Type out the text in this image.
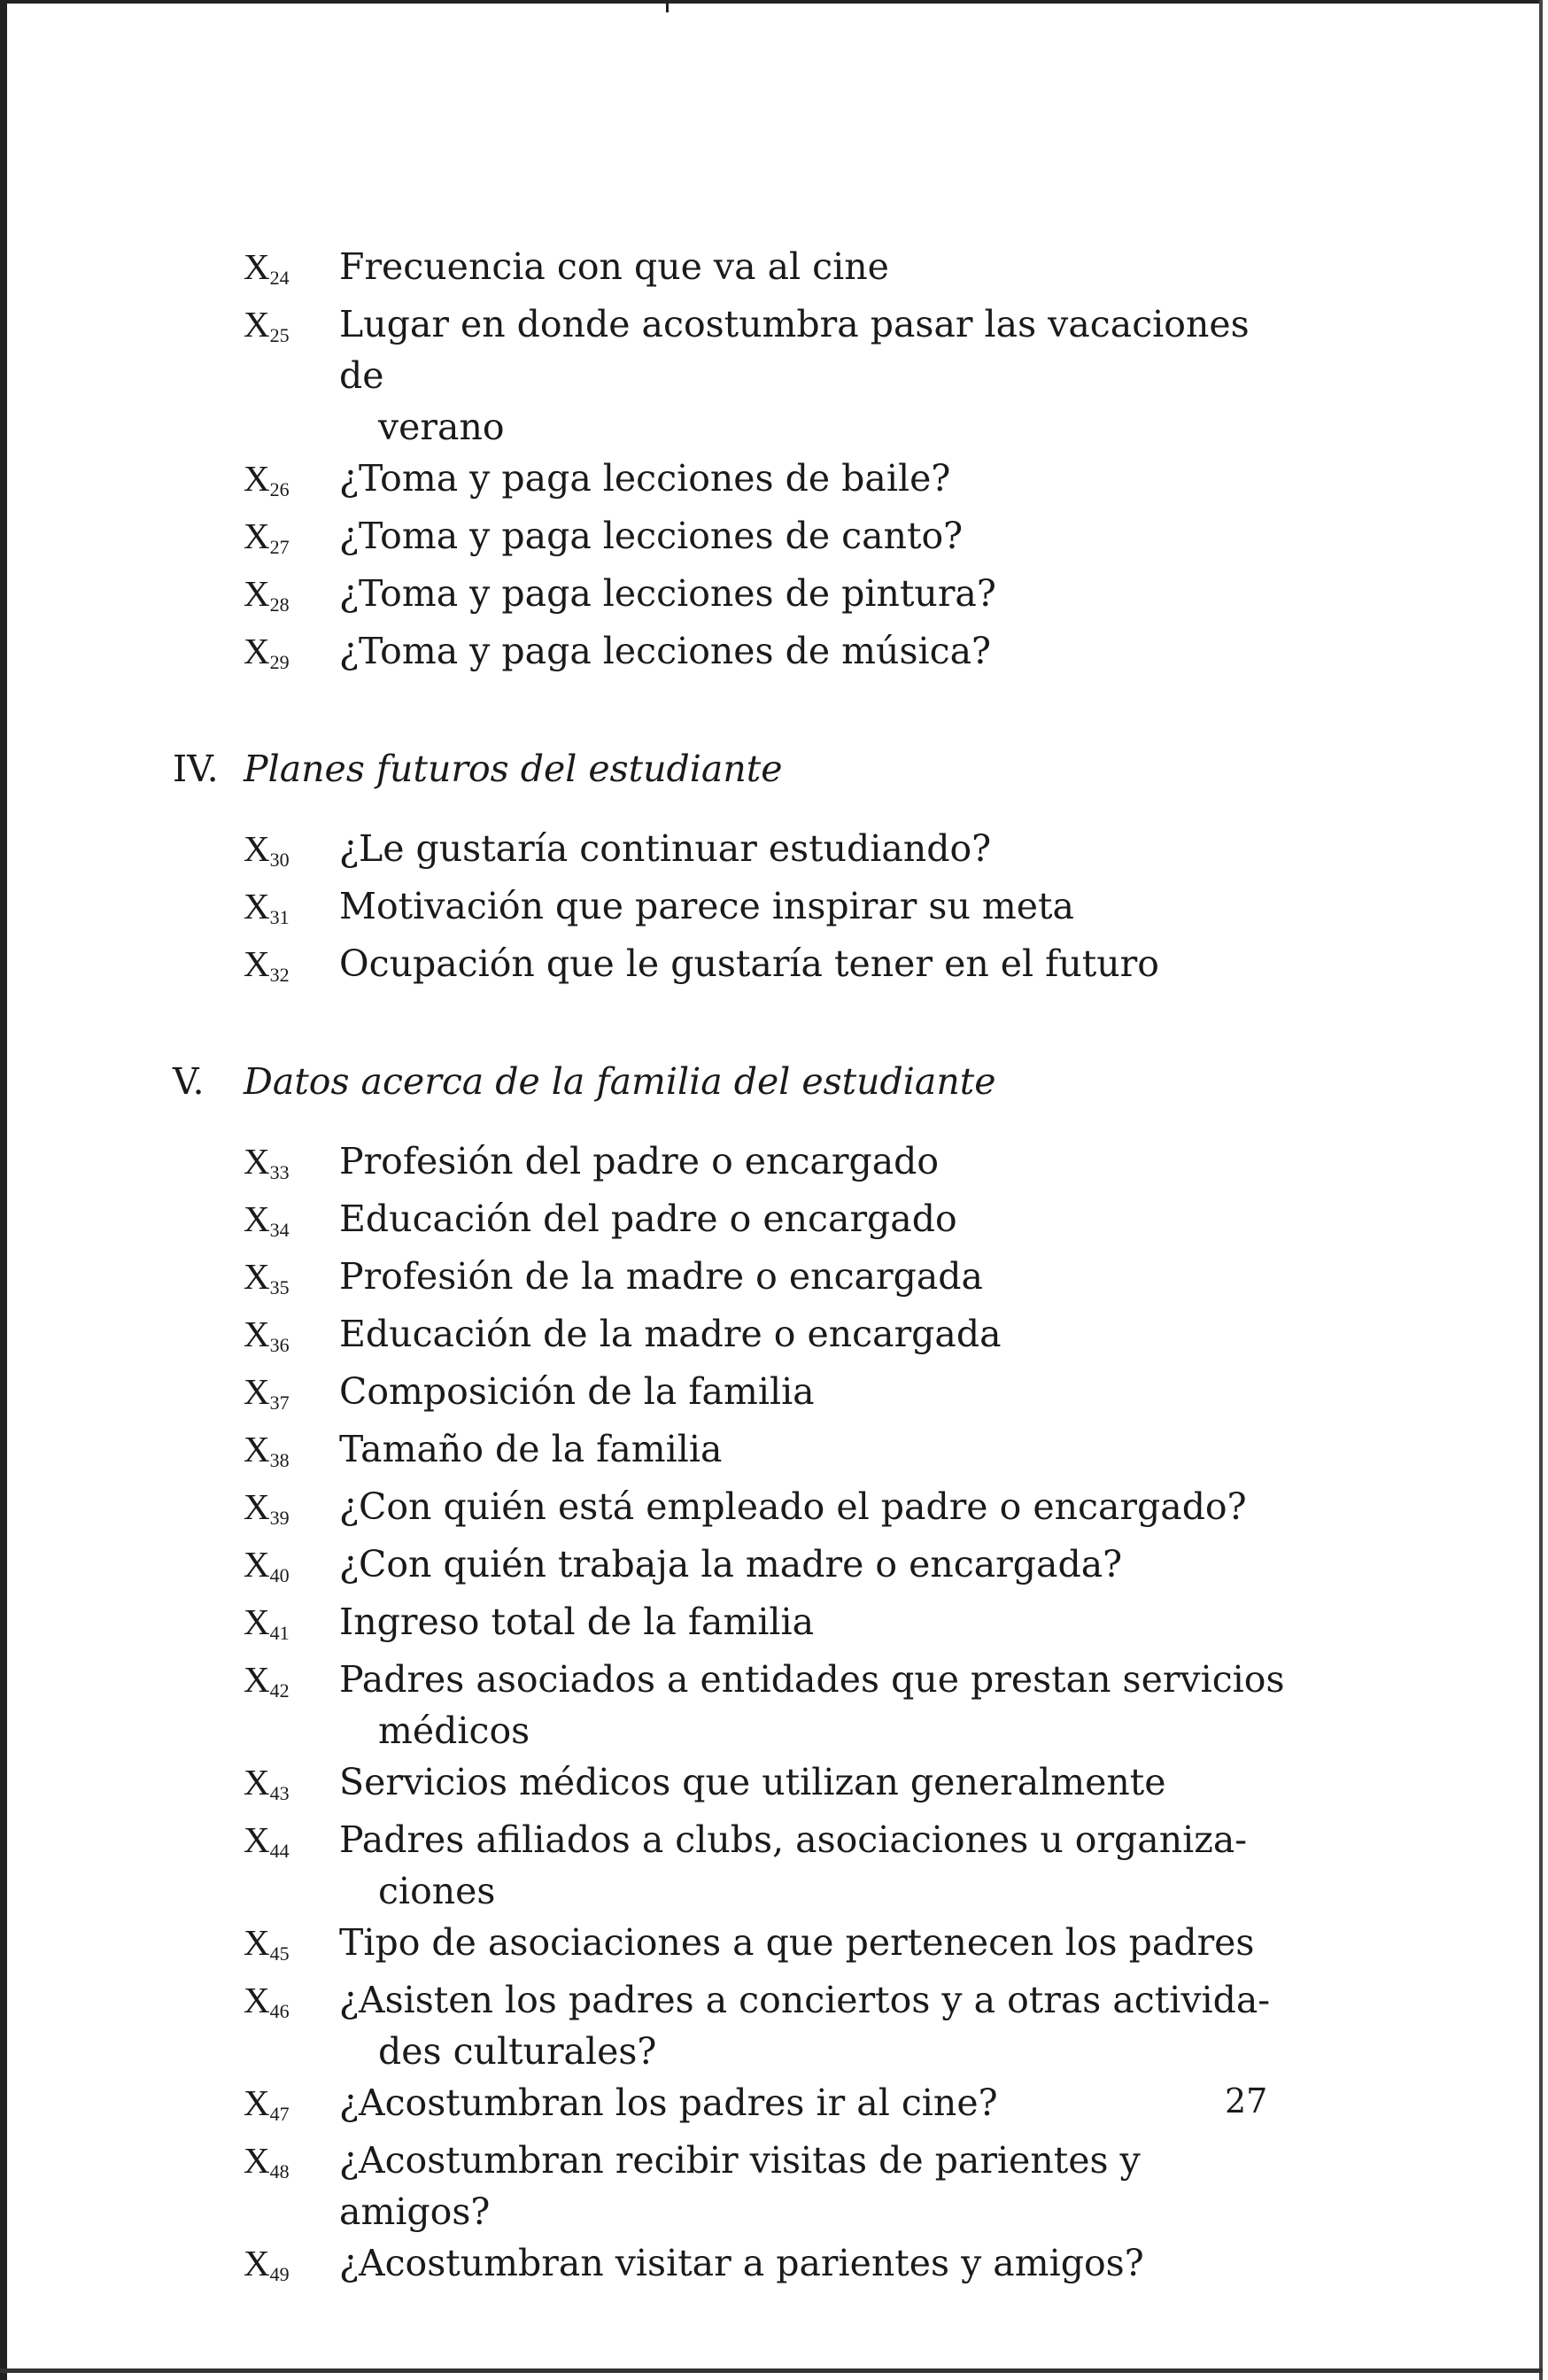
$X_{24}$	Frecuencia con que va al cine
$X_{25}$	Lugar en donde acostumbra pasar las vacaciones de
verano
$X_{26}$	¿Toma y paga lecciones de baile?
$X_{27}$	¿Toma y paga lecciones de canto?
$X_{28}$	¿Toma y paga lecciones de pintura?
$X_{29}$	¿Toma y paga lecciones de música?
IV. Planes futuros del estudiante
$X_{30}$	¿Le gustaría continuar estudiando?
$X_{31}$	Motivación que parece inspirar su meta
$X_{32}$	Ocupación que le gustaría tener en el futuro
V.	Datos acerca de la familia del estudiante
$X_{33}$	Profesión del padre o encargado
$X_{34}$	Educación del padre o encargado
$X_{35}$	Profesión de la madre o encargada
$X_{36}$	Educación de la madre o encargada
$X_{37}$	Composición de la familia
$X_{38}$	Tamaño de la familia
$X_{39}$	¿Con quién está empleado el padre o encargado?
$X_{40}$	¿Con quién trabaja la madre o encargada?
$X_{41}$	Ingreso total de la familia
$X_{42}$	Padres asociados a entidades que prestan servicios
médicos
$X_{43}$	Servicios médicos que utilizan generalmente
$X_{44}$	Padres afiliados a clubs, asociaciones u organiza-
ciones
$X_{45}$	Tipo de asociaciones a que pertenecen los padres
$X_{46}$	¿Asisten los padres a conciertos y a otras activida-
des culturales?
$X_{47}$	¿Acostumbran los padres ir al cine?
$X_{48}$	¿Acostumbran recibir visitas de parientes y amigos?
$X_{49}$	¿Acostumbran visitar a parientes y amigos?
27
